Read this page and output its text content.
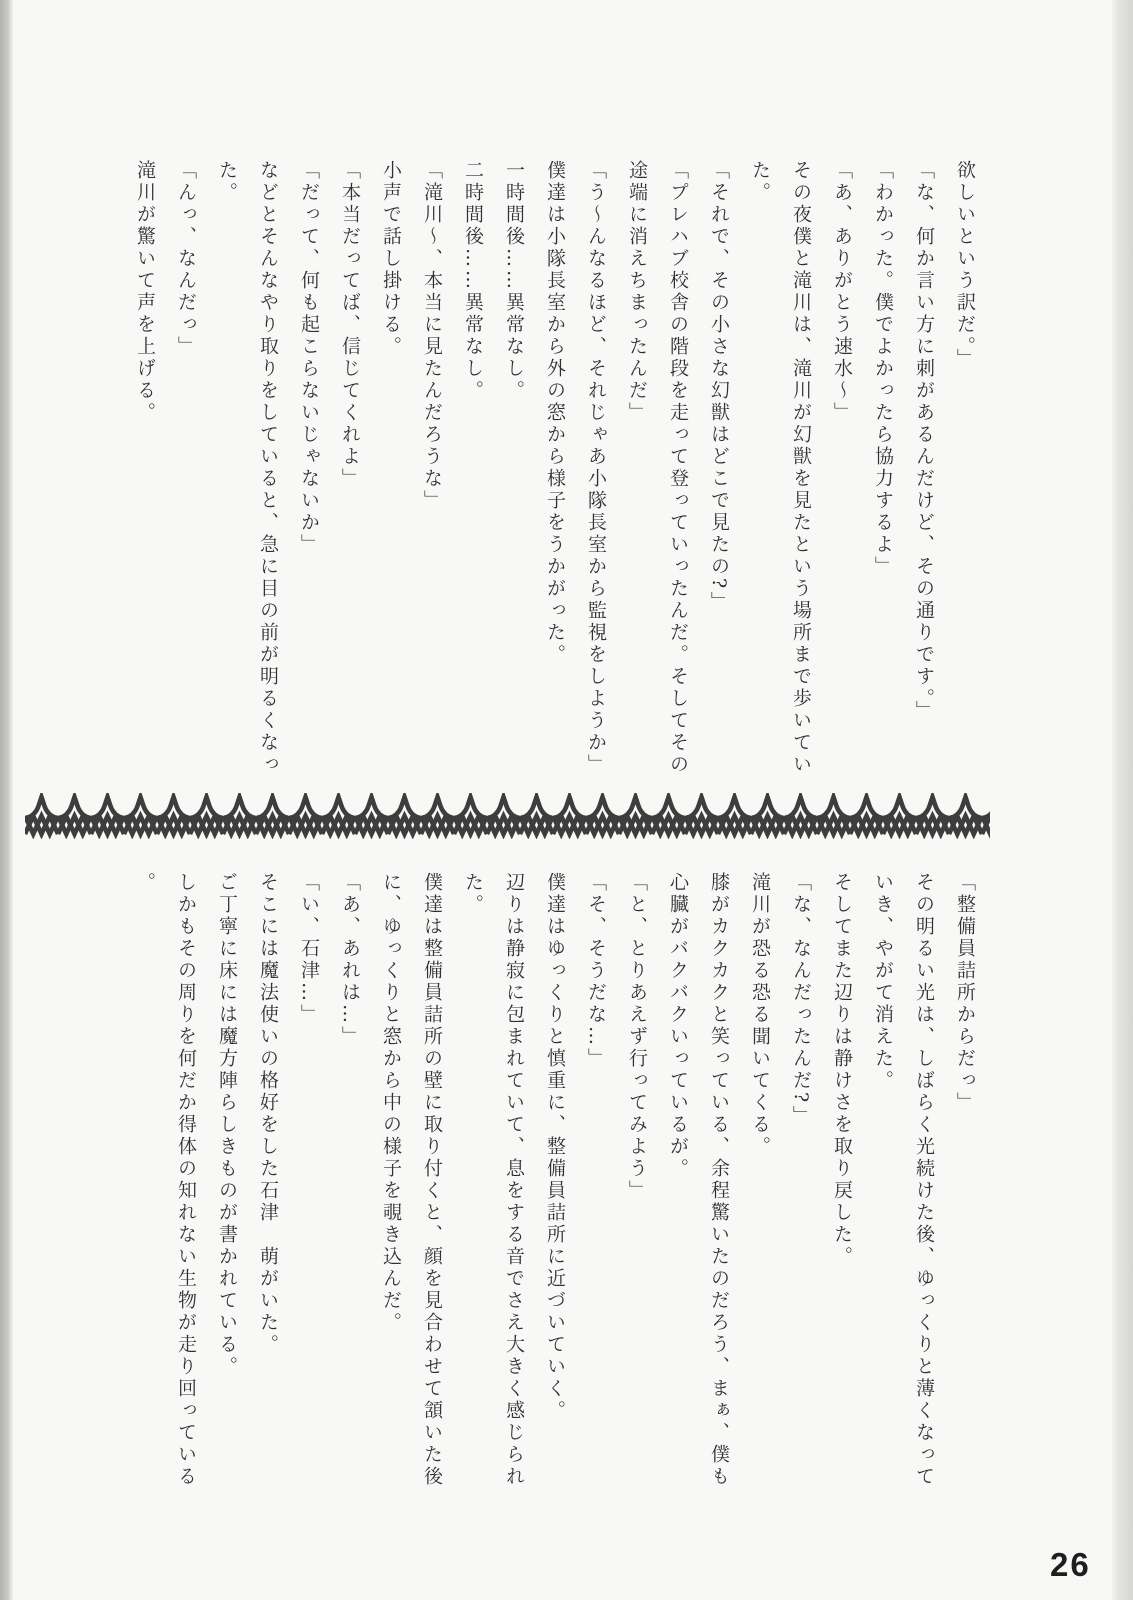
欲しいという訳だ。」
「な、何か言い方に刺があるんだけど、その通りです。」
「わかった。僕でよかったら協力するよ」
「あ、ありがとう速水〜」
その夜僕と滝川は、滝川が幻獣を見たという場所まで歩いてい
た。
「それで、その小さな幻獣はどこで見たの?」
「プレハブ校舎の階段を走って登っていったんだ。そしてその
途端に消えちまったんだ」
「う〜んなるほど、それじゃあ小隊長室から監視をしようか」
僕達は小隊長室から外の窓から様子をうかがった。
一時間後……異常なし。
二時間後……異常なし。
「滝川〜、本当に見たんだろうな」
小声で話し掛ける。
「本当だってば、信じてくれよ」
「だって、何も起こらないじゃないか」
などとそんなやり取りをしていると、急に目の前が明るくなっ
た。
「んっ、なんだっ」
滝川が驚いて声を上げる。
「整備員詰所からだっ」
その明るい光は、しばらく光続けた後、ゆっくりと薄くなって
いき、やがて消えた。
そしてまた辺りは静けさを取り戻した。
「な、なんだったんだ?」
滝川が恐る恐る聞いてくる。
膝がカクカクと笑っている、余程驚いたのだろう、まぁ、僕も
心臓がバクバクいっているが。
「と、とりあえず行ってみよう」
「そ、そうだな…」
僕達はゆっくりと慎重に、整備員詰所に近づいていく。
辺りは静寂に包まれていて、息をする音でさえ大きく感じられ
た。
僕達は整備員詰所の壁に取り付くと、顔を見合わせて頷いた後
に、ゆっくりと窓から中の様子を覗き込んだ。
「あ、あれは…」
「い、石津…」
そこには魔法使いの格好をした石津　萌がいた。
ご丁寧に床には魔方陣らしきものが書かれている。
しかもその周りを何だか得体の知れない生物が走り回っている
。
26
